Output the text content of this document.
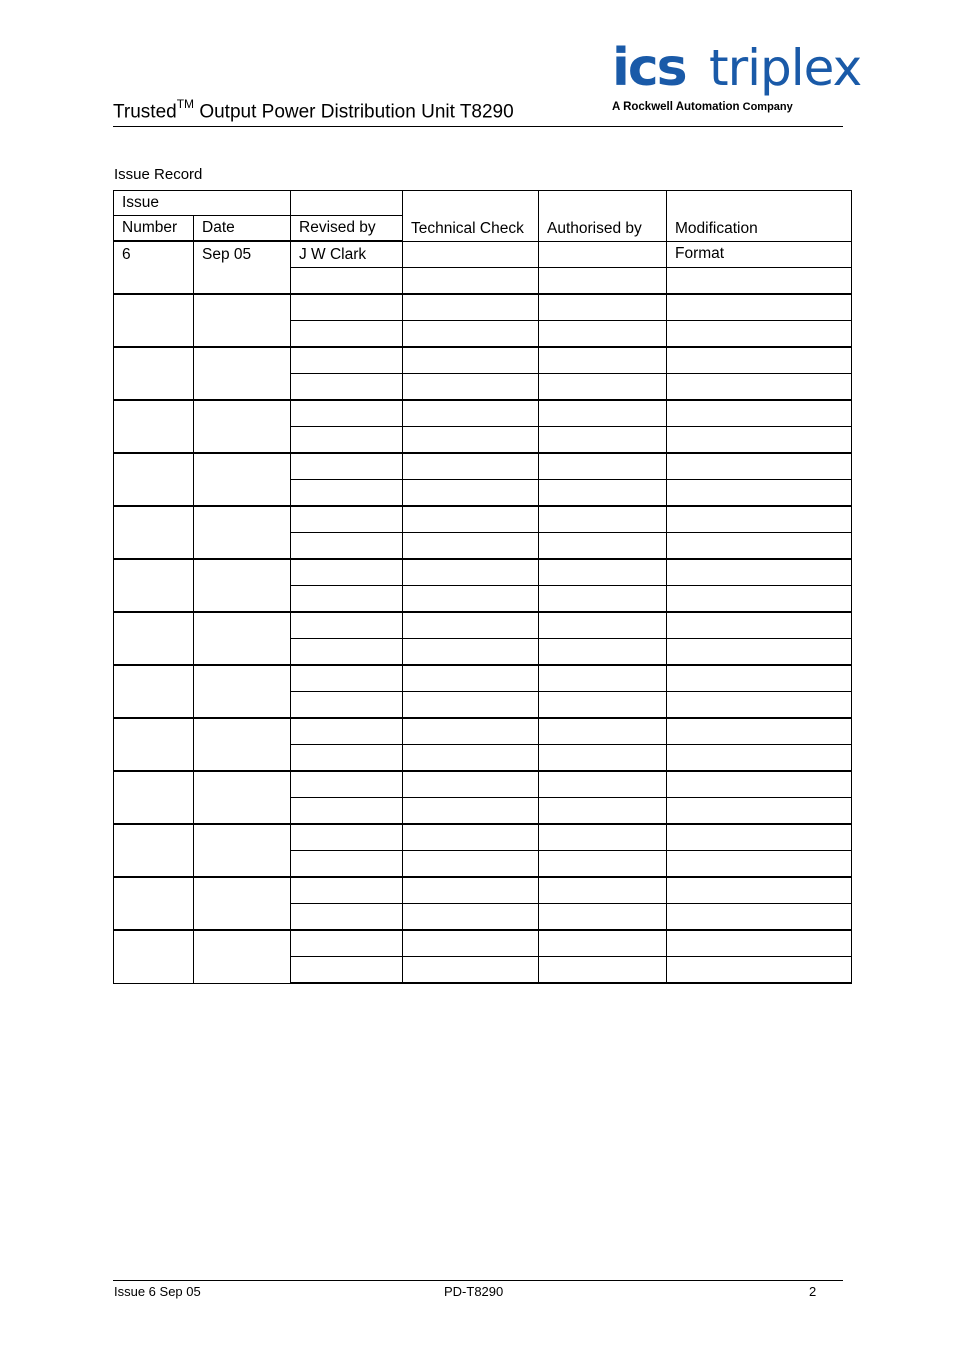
Trusted™ Output Power Distribution Unit T8290
ics triplex
A Rockwell Automation Company
Issue Record
Issue			Technical Check	Authorised by	Modification
Number	Date	Revised by			
6	Sep 05	J W Clark			Format

Issue 6 Sep 05	PD-T8290	2
